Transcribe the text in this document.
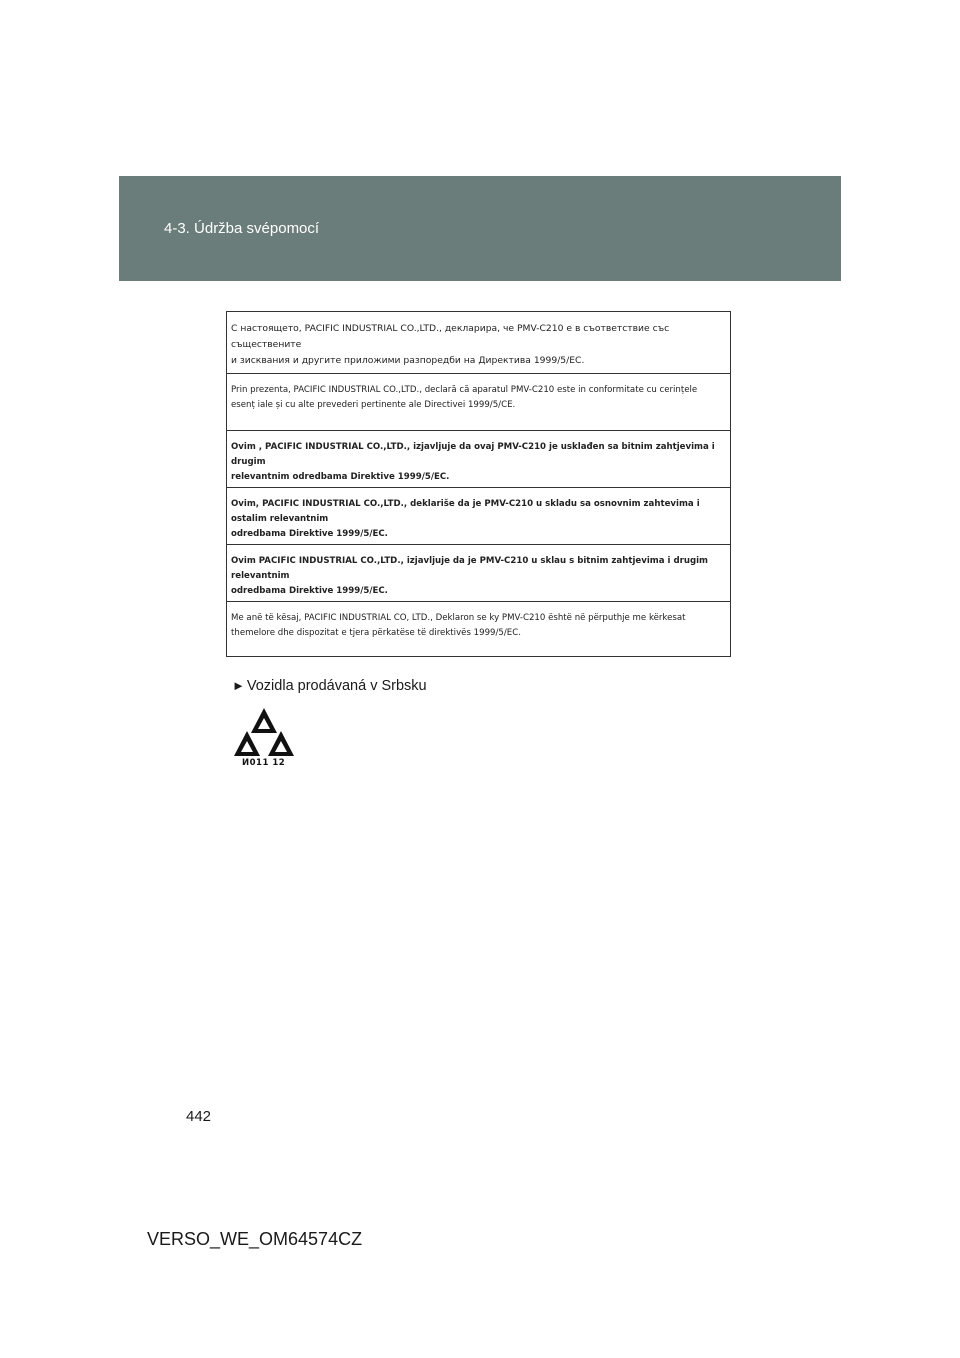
4-3. Údržba svépomocí
С настоящето, PACIFIC INDUSTRIAL CO.,LTD., декларира, че PMV-C210 е в съответствие със съществените
и зисквания и другите приложими разпоредби на Директива 1999/5/EC.
Prin prezenta, PACIFIC INDUSTRIAL CO.,LTD., declară că aparatul PMV-C210 este in conformitate cu cerințele
esenț iale și cu alte prevederi pertinente ale Directivei 1999/5/CE.
Ovim , PACIFIC INDUSTRIAL CO.,LTD., izjavljuje da ovaj PMV-C210 je usklađen sa bitnim zahtjevima i drugim
relevantnim odredbama Direktive 1999/5/EC.
Ovim, PACIFIC INDUSTRIAL CO.,LTD., deklariše da je PMV-C210 u skladu sa osnovnim zahtevima i ostalim relevantnim
odredbama Direktive 1999/5/EC.
Ovim PACIFIC INDUSTRIAL CO.,LTD., izjavljuje da je PMV-C210 u sklau s bitnim zahtjevima i drugim relevantnim
odredbama Direktive 1999/5/EC.
Me anë të kësaj, PACIFIC INDUSTRIAL CO, LTD., Deklaron se ky PMV-C210 është në përputhje me kërkesat
themelore dhe dispozitat e tjera përkatëse të direktivës 1999/5/EC.
► Vozidla prodávaná v Srbsku
И011 12
442
VERSO_WE_OM64574CZ
